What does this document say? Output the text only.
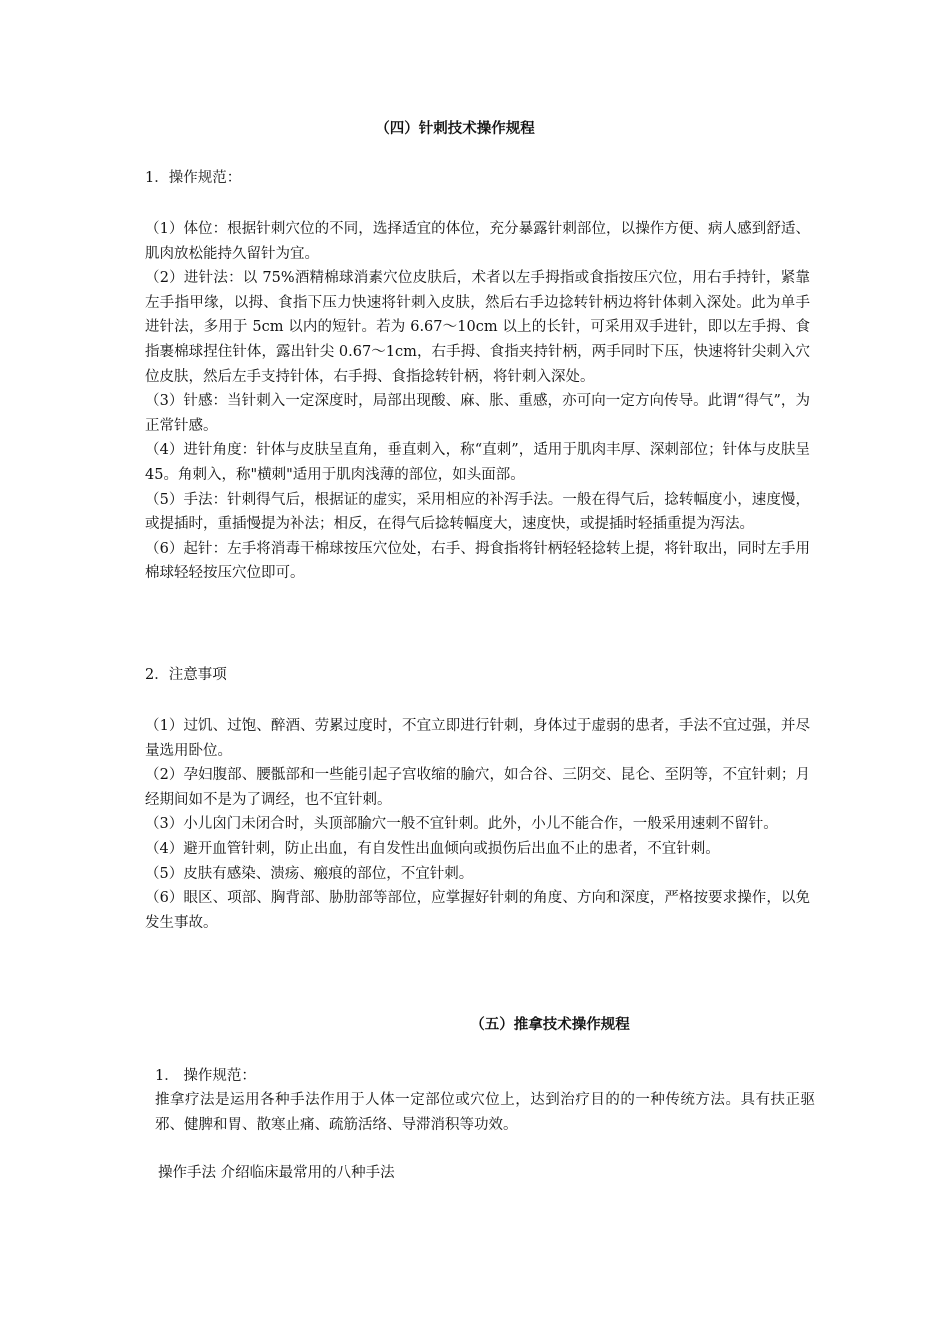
（四）针刺技术操作规程

1．操作规范：

（1）体位：根据针刺穴位的不同，选择适宜的体位，充分暴露针刺部位，以操作方便、病人感到舒适、肌肉放松能持久留针为宜。

（2）进针法：以 75%酒精棉球消素穴位皮肤后，术者以左手拇指或食指按压穴位，用右手持针，紧靠左手指甲缘，以拇、食指下压力快速将针刺入皮肤，然后右手边捻转针柄边将针体刺入深处。此为单手进针法，多用于 5cm 以内的短针。若为 6.67～10cm 以上的长针，可采用双手进针，即以左手拇、食指裹棉球捏住针体，露出针尖 0.67～1cm，右手拇、食指夹持针柄，两手同时下压，快速将针尖刺入穴位皮肤，然后左手支持针体，右手拇、食指捻转针柄，将针刺入深处。

（3）针感：当针刺入一定深度时，局部出现酸、麻、胀、重感，亦可向一定方向传导。此谓“得气”，为正常针感。

（4）进针角度：针体与皮肤呈直角，垂直刺入，称“直刺”，适用于肌肉丰厚、深刺部位；针体与皮肤呈 45。角刺入，称"横刺"适用于肌肉浅薄的部位，如头面部。

（5）手法：针刺得气后，根据证的虚实，采用相应的补泻手法。一般在得气后，捻转幅度小，速度慢，或提插时，重插慢提为补法；相反，在得气后捻转幅度大，速度快，或提插时轻插重提为泻法。

（6）起针：左手将消毒干棉球按压穴位处，右手、拇食指将针柄轻轻捻转上提，将针取出，同时左手用棉球轻轻按压穴位即可。

2．注意事项

（1）过饥、过饱、醉酒、劳累过度时，不宜立即进行针刺，身体过于虚弱的患者，手法不宜过强，并尽量选用卧位。

（2）孕妇腹部、腰骶部和一些能引起子宫收缩的腧穴，如合谷、三阴交、昆仑、至阴等，不宜针刺；月经期间如不是为了调经，也不宜针刺。

（3）小儿囟门未闭合时，头顶部腧穴一般不宜针刺。此外，小儿不能合作，一般采用速刺不留针。

（4）避开血管针刺，防止出血，有自发性出血倾向或损伤后出血不止的患者，不宜针刺。

（5）皮肤有感染、溃疡、瘢痕的部位，不宜针刺。

（6）眼区、项部、胸背部、胁肋部等部位，应掌握好针刺的角度、方向和深度，严格按要求操作，以免发生事故。

（五）推拿技术操作规程

1． 操作规范：

推拿疗法是运用各种手法作用于人体一定部位或穴位上，达到治疗目的的一种传统方法。具有扶正驱邪、健脾和胃、散寒止痛、疏筋活络、导滞消积等功效。

操作手法 介绍临床最常用的八种手法
